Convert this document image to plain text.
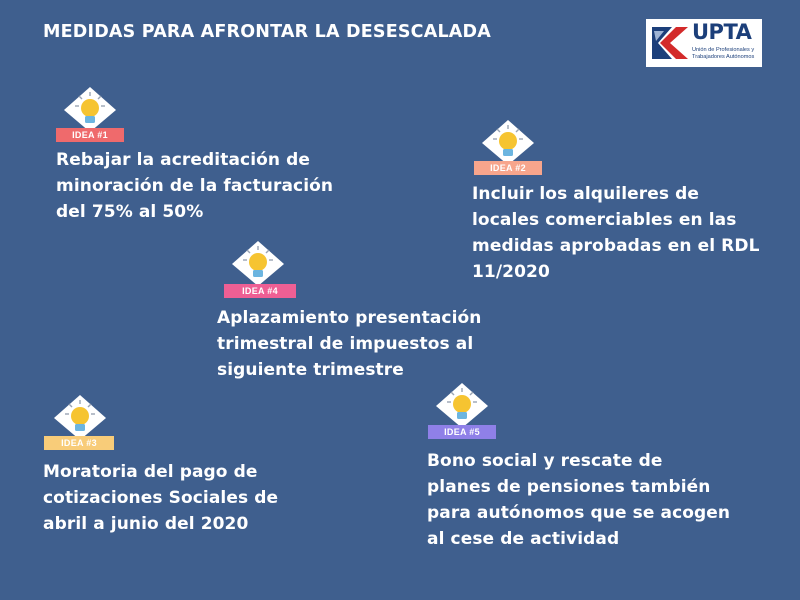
MEDIDAS PARA AFRONTAR LA DESESCALADA	UPTA
Unión de Profesionales y Trabajadores Autónomos
IDEA #1
Rebajar la acreditación de
minoración de la facturación
del 75% al 50%
IDEA #2
Incluir los alquileres de
locales comerciables en las
medidas aprobadas en el RDL
11/2020
IDEA #4
Aplazamiento presentación
trimestral de impuestos al
siguiente trimestre
IDEA #3
Moratoria del pago de
cotizaciones Sociales de
abril a junio del 2020
IDEA #5
Bono social y rescate de
planes de pensiones también
para autónomos que se acogen
al cese de actividad
